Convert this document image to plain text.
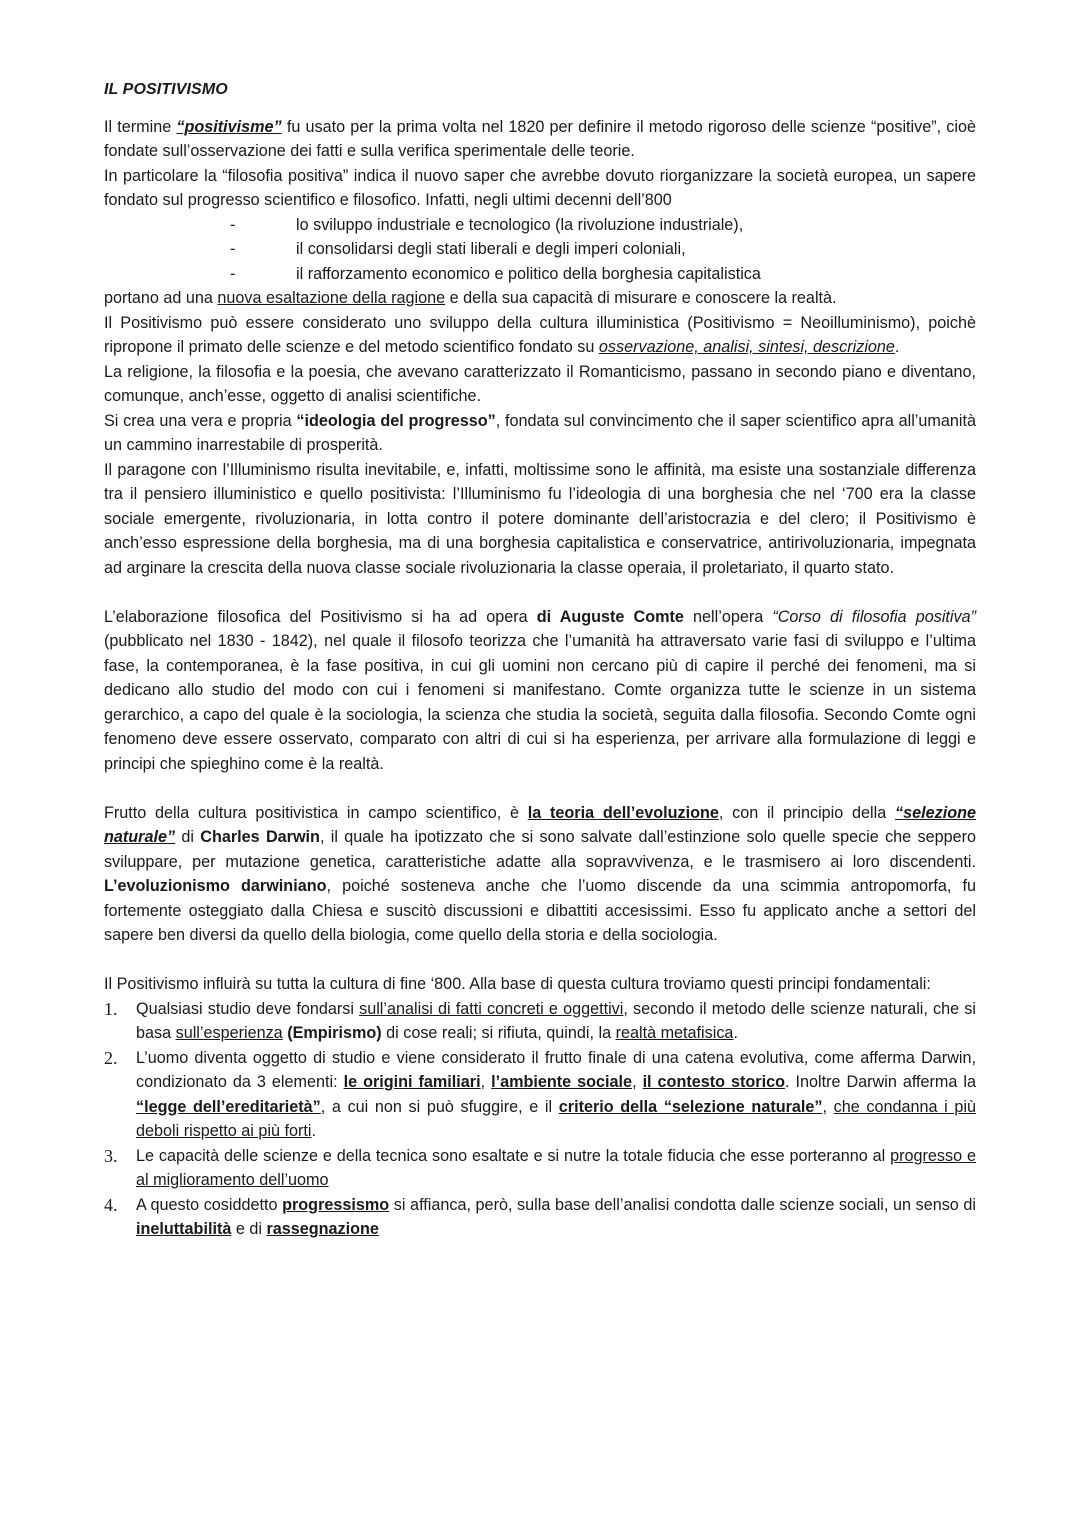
IL POSITIVISMO

Il termine “positivisme” fu usato per la prima volta nel 1820 per definire il metodo rigoroso delle scienze “positive”, cioè fondate sull’osservazione dei fatti e sulla verifica sperimentale delle teorie.

In particolare la “filosofia positiva” indica il nuovo saper che avrebbe dovuto riorganizzare la società europea, un sapere fondato sul progresso scientifico e filosofico. Infatti, negli ultimi decenni dell’800

-	lo sviluppo industriale e tecnologico (la rivoluzione industriale),
-	il consolidarsi degli stati liberali e degli imperi coloniali,
-	il rafforzamento economico e politico della borghesia capitalistica

portano ad una nuova esaltazione della ragione e della sua capacità di misurare e conoscere la realtà.

Il Positivismo può essere considerato uno sviluppo della cultura illuministica (Positivismo = Neoilluminismo), poichè ripropone il primato delle scienze e del metodo scientifico fondato su osservazione, analisi, sintesi, descrizione.

La religione, la filosofia e la poesia, che avevano caratterizzato il Romanticismo, passano in secondo piano e diventano, comunque, anch’esse, oggetto di analisi scientifiche.

Si crea una vera e propria “ideologia del progresso”, fondata sul convincimento che il saper scientifico apra all’umanità un cammino inarrestabile di prosperità.

Il paragone con l’Illuminismo risulta inevitabile, e, infatti, moltissime sono le affinità, ma esiste una sostanziale differenza tra il pensiero illuministico e quello positivista: l’Illuminismo fu l’ideologia di una borghesia che nel ‘700 era la classe sociale emergente, rivoluzionaria, in lotta contro il potere dominante dell’aristocrazia e del clero; il Positivismo è anch’esso espressione della borghesia, ma di una borghesia capitalistica e conservatrice, antirivoluzionaria, impegnata ad arginare la crescita della nuova classe sociale rivoluzionaria la classe operaia, il proletariato, il quarto stato.

L’elaborazione filosofica del Positivismo si ha ad opera di Auguste Comte nell’opera “Corso di filosofia positiva” (pubblicato nel 1830 - 1842), nel quale il filosofo teorizza che l’umanità ha attraversato varie fasi di sviluppo e l’ultima fase, la contemporanea, è la fase positiva, in cui gli uomini non cercano più di capire il perché dei fenomeni, ma si dedicano allo studio del modo con cui i fenomeni si manifestano. Comte organizza tutte le scienze in un sistema gerarchico, a capo del quale è la sociologia, la scienza che studia la società, seguita dalla filosofia. Secondo Comte ogni fenomeno deve essere osservato, comparato con altri di cui si ha esperienza, per arrivare alla formulazione di leggi e principi che spieghino come è la realtà.

Frutto della cultura positivistica in campo scientifico, è la teoria dell’evoluzione, con il principio della “selezione naturale” di Charles Darwin, il quale ha ipotizzato che si sono salvate dall’estinzione solo quelle specie che seppero sviluppare, per mutazione genetica, caratteristiche adatte alla sopravvivenza, e le trasmisero ai loro discendenti. L’evoluzionismo darwiniano, poiché sosteneva anche che l’uomo discende da una scimmia antropomorfa, fu fortemente osteggiato dalla Chiesa e suscitò discussioni e dibattiti accesissimi. Esso fu applicato anche a settori del sapere ben diversi da quello della biologia, come quello della storia e della sociologia.

Il Positivismo influirà su tutta la cultura di fine ‘800. Alla base di questa cultura troviamo questi principi fondamentali:

1. Qualsiasi studio deve fondarsi sull’analisi di fatti concreti e oggettivi, secondo il metodo delle scienze naturali, che si basa sull’esperienza (Empirismo) di cose reali; si rifiuta, quindi, la realtà metafisica.
2. L’uomo diventa oggetto di studio e viene considerato il frutto finale di una catena evolutiva, come afferma Darwin, condizionato da 3 elementi: le origini familiari, l’ambiente sociale, il contesto storico. Inoltre Darwin afferma la “legge dell’ereditarietà”, a cui non si può sfuggire, e il criterio della “selezione naturale”, che condanna i più deboli rispetto ai più forti.
3. Le capacità delle scienze e della tecnica sono esaltate e si nutre la totale fiducia che esse porteranno al progresso e al miglioramento dell’uomo
4. A questo cosiddetto progressismo si affianca, però, sulla base dell’analisi condotta dalle scienze sociali, un senso di ineluttabilità e di rassegnazione
